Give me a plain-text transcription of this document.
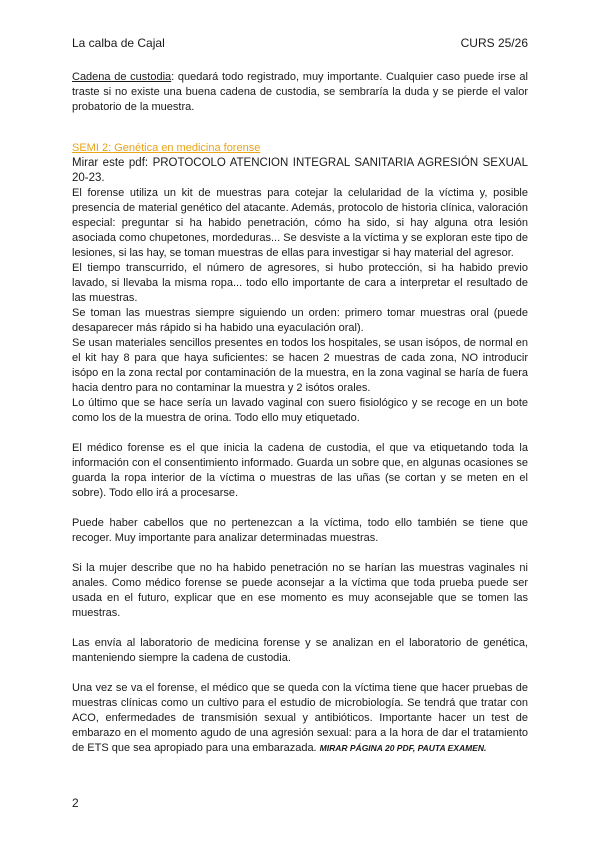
La calba de Cajal	CURS 25/26

Cadena de custodia: quedará todo registrado, muy importante. Cualquier caso puede irse al traste si no existe una buena cadena de custodia, se sembraría la duda y se pierde el valor probatorio de la muestra.

SEMI 2: Genética en medicina forense

Mirar este pdf: PROTOCOLO ATENCION INTEGRAL SANITARIA AGRESIÓN SEXUAL 20-23.

El forense utiliza un kit de muestras para cotejar la celularidad de la víctima y, posible presencia de material genético del atacante. Además, protocolo de historia clínica, valoración especial: preguntar si ha habido penetración, cómo ha sido, si hay alguna otra lesión asociada como chupetones, mordeduras... Se desviste a la víctima y se exploran este tipo de lesiones, si las hay, se toman muestras de ellas para investigar si hay material del agresor.

El tiempo transcurrido, el número de agresores, si hubo protección, si ha habido previo lavado, si llevaba la misma ropa... todo ello importante de cara a interpretar el resultado de las muestras.

Se toman las muestras siempre siguiendo un orden: primero tomar muestras oral (puede desaparecer más rápido si ha habido una eyaculación oral).

Se usan materiales sencillos presentes en todos los hospitales, se usan isópos, de normal en el kit hay 8 para que haya suficientes: se hacen 2 muestras de cada zona, NO introducir isópo en la zona rectal por contaminación de la muestra, en la zona vaginal se haría de fuera hacia dentro para no contaminar la muestra y 2 isótos orales.

Lo último que se hace sería un lavado vaginal con suero fisiológico y se recoge en un bote como los de la muestra de orina. Todo ello muy etiquetado.

El médico forense es el que inicia la cadena de custodia, el que va etiquetando toda la información con el consentimiento informado. Guarda un sobre que, en algunas ocasiones se guarda la ropa interior de la víctima o muestras de las uñas (se cortan y se meten en el sobre). Todo ello irá a procesarse.

Puede haber cabellos que no pertenezcan a la víctima, todo ello también se tiene que recoger. Muy importante para analizar determinadas muestras.

Si la mujer describe que no ha habido penetración no se harían las muestras vaginales ni anales. Como médico forense se puede aconsejar a la víctima que toda prueba puede ser usada en el futuro, explicar que en ese momento es muy aconsejable que se tomen las muestras.

Las envía al laboratorio de medicina forense y se analizan en el laboratorio de genética, manteniendo siempre la cadena de custodia.

Una vez se va el forense, el médico que se queda con la víctima tiene que hacer pruebas de muestras clínicas como un cultivo para el estudio de microbiología. Se tendrá que tratar con ACO, enfermedades de transmisión sexual y antibióticos. Importante hacer un test de embarazo en el momento agudo de una agresión sexual: para a la hora de dar el tratamiento de ETS que sea apropiado para una embarazada. MIRAR PÁGINA 20 PDF, PAUTA EXAMEN.

2
